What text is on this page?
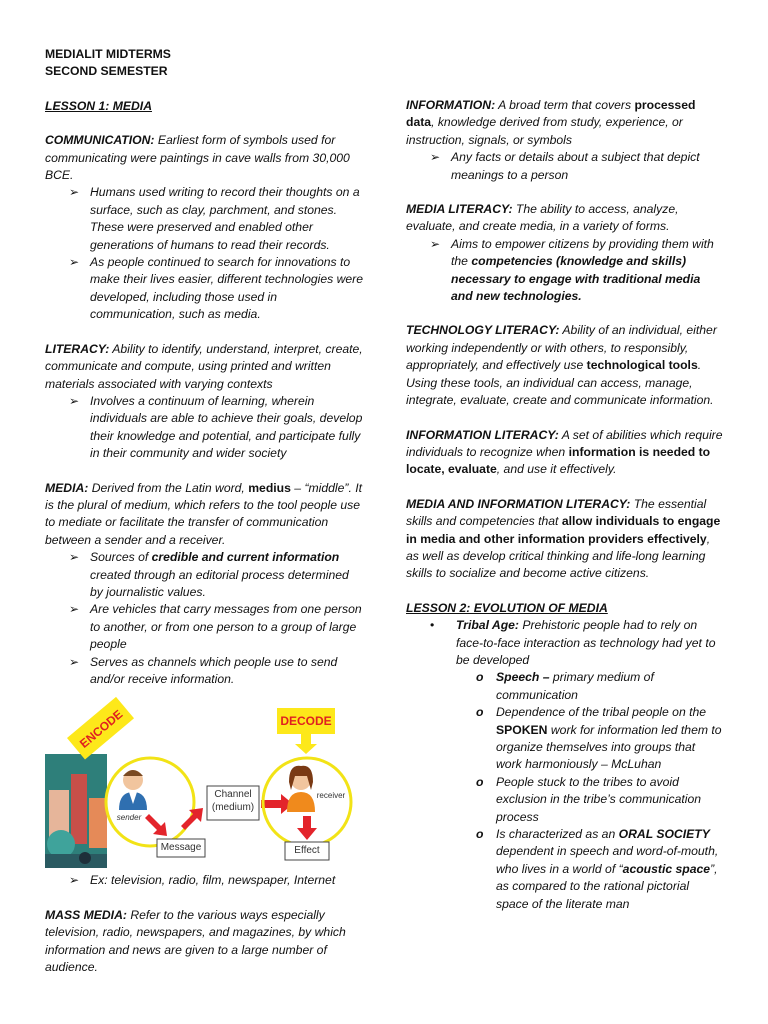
MEDIALIT MIDTERMS

SECOND SEMESTER

LESSON 1: MEDIA

COMMUNICATION: Earliest form of symbols used for communicating were paintings in cave walls from 30,000 BCE.

➢ Humans used writing to record their thoughts on a surface, such as clay, parchment, and stones. These were preserved and enabled other generations of humans to read their records.
➢ As people continued to search for innovations to make their lives easier, different technologies were developed, including those used in communication, such as media.

LITERACY: Ability to identify, understand, interpret, create, communicate and compute, using printed and written materials associated with varying contexts

➢ Involves a continuum of learning, wherein individuals are able to achieve their goals, develop their knowledge and potential, and participate fully in their community and wider society

MEDIA: Derived from the Latin word, medius – “middle”. It is the plural of medium, which refers to the tool people use to mediate or facilitate the transfer of communication between a sender and a receiver.

➢ Sources of credible and current information created through an editorial process determined by journalistic values.
➢ Are vehicles that carry messages from one person to another, or from one person to a group of large people
➢ Serves as channels which people use to send and/or receive information.
ENCODE	DECODE
sender
Channel
(medium)
Message
receiver
Effect
➢ Ex: television, radio, film, newspaper, Internet

MASS MEDIA: Refer to the various ways especially television, radio, newspapers, and magazines, by which information and news are given to a large number of audience.

INFORMATION: A broad term that covers processed data, knowledge derived from study, experience, or instruction, signals, or symbols

➢ Any facts or details about a subject that depict meanings to a person

MEDIA LITERACY: The ability to access, analyze, evaluate, and create media, in a variety of forms.

➢ Aims to empower citizens by providing them with the competencies (knowledge and skills) necessary to engage with traditional media and new technologies.

TECHNOLOGY LITERACY: Ability of an individual, either working independently or with others, to responsibly, appropriately, and effectively use technological tools. Using these tools, an individual can access, manage, integrate, evaluate, create and communicate information.

INFORMATION LITERACY: A set of abilities which require individuals to recognize when information is needed to locate, evaluate, and use it effectively.

MEDIA AND INFORMATION LITERACY: The essential skills and competencies that allow individuals to engage in media and other information providers effectively, as well as develop critical thinking and life-long learning skills to socialize and become active citizens.

LESSON 2: EVOLUTION OF MEDIA

• Tribal Age: Prehistoric people had to rely on face-to-face interaction as technology had yet to be developed
o Speech – primary medium of communication
o Dependence of the tribal people on the SPOKEN work for information led them to organize themselves into groups that work harmoniously – McLuhan
o People stuck to the tribes to avoid exclusion in the tribe’s communication process
o Is characterized as an ORAL SOCIETY dependent in speech and word-of-mouth, who lives in a world of “acoustic space”, as compared to the rational pictorial space of the literate man
